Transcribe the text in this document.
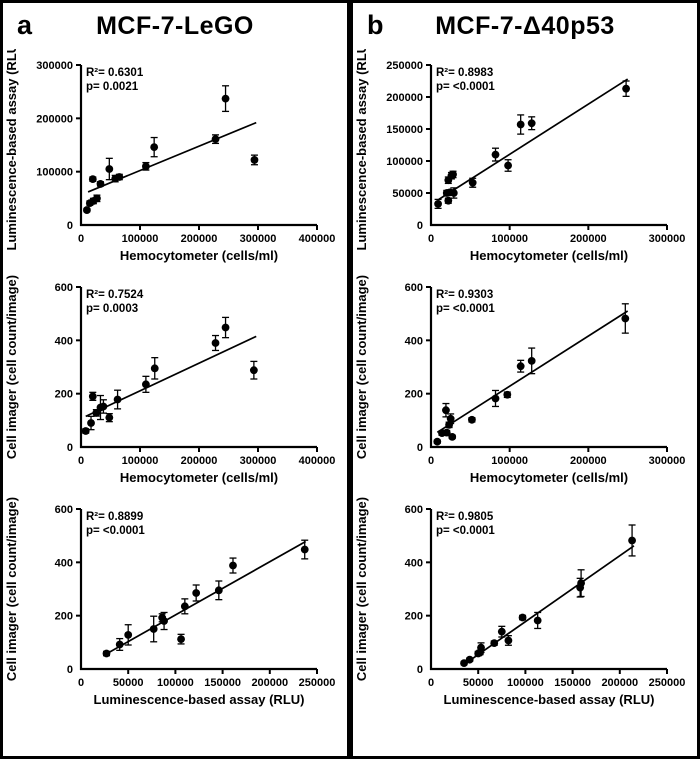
a	MCF-7-LeGO
0	100000 200000 300000 400000
0
100000
200000
300000
Hemocytometer (cells/ml)
Luminescence-based assay (RLU)	R²= 0.6301
p= 0.0021
0	100000 200000 300000 400000
0
200
400
600
Hemocytometer (cells/ml)
Cell imager (cell count/image)	R²= 0.7524
p= 0.0003
0	50000 100000 150000 200000 250000
0
200
400
600
Luminescence-based assay (RLU)
Cell imager (cell count/image)	R²= 0.8899
p= <0.0001
b MCF-7-Δ40p53
0	100000	200000	300000
0
50000
100000
150000
200000
250000
Hemocytometer (cells/ml)
Luminescence-based assay (RLU)	R²= 0.8983
p= <0.0001
0	100000	200000	300000
0
200
400
600
Hemocytometer (cells/ml)
Cell imager (cell count/image)	R²= 0.9303
p= <0.0001
0	50000 100000 150000 200000 250000
0
200
400
600
Luminescence-based assay (RLU)
Cell imager (cell count/image)	R²= 0.9805
p= <0.0001
